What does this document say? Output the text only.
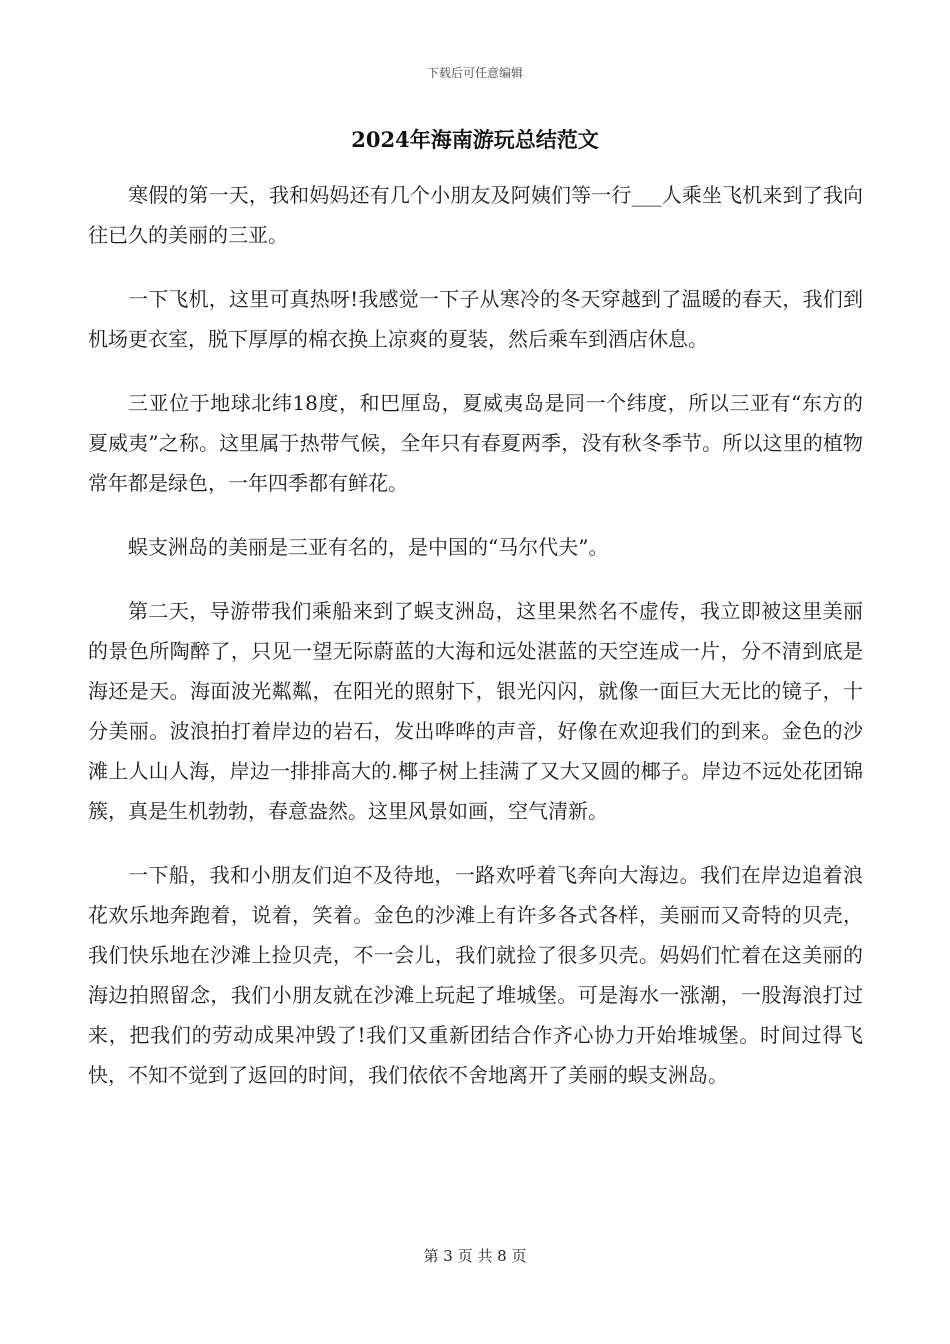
下载后可任意编辑
2024年海南游玩总结范文

寒假的第一天，我和妈妈还有几个小朋友及阿姨们等一行___人乘坐飞机来到了我向往已久的美丽的三亚。

一下飞机，这里可真热呀!我感觉一下子从寒冷的冬天穿越到了温暖的春天，我们到机场更衣室，脱下厚厚的棉衣换上凉爽的夏装，然后乘车到酒店休息。

三亚位于地球北纬18度，和巴厘岛，夏威夷岛是同一个纬度，所以三亚有“东方的夏威夷”之称。这里属于热带气候，全年只有春夏两季，没有秋冬季节。所以这里的植物常年都是绿色，一年四季都有鲜花。

蜈支洲岛的美丽是三亚有名的，是中国的“马尔代夫”。

第二天，导游带我们乘船来到了蜈支洲岛，这里果然名不虚传，我立即被这里美丽的景色所陶醉了，只见一望无际蔚蓝的大海和远处湛蓝的天空连成一片，分不清到底是海还是天。海面波光粼粼，在阳光的照射下，银光闪闪，就像一面巨大无比的镜子，十分美丽。波浪拍打着岸边的岩石，发出哗哗的声音，好像在欢迎我们的到来。金色的沙滩上人山人海，岸边一排排高大的.椰子树上挂满了又大又圆的椰子。岸边不远处花团锦簇，真是生机勃勃，春意盎然。这里风景如画，空气清新。

一下船，我和小朋友们迫不及待地，一路欢呼着飞奔向大海边。我们在岸边追着浪花欢乐地奔跑着，说着，笑着。金色的沙滩上有许多各式各样，美丽而又奇特的贝壳，我们快乐地在沙滩上捡贝壳，不一会儿，我们就捡了很多贝壳。妈妈们忙着在这美丽的海边拍照留念，我们小朋友就在沙滩上玩起了堆城堡。可是海水一涨潮，一股海浪打过来，把我们的劳动成果冲毁了!我们又重新团结合作齐心协力开始堆城堡。时间过得飞快，不知不觉到了返回的时间，我们依依不舍地离开了美丽的蜈支洲岛。

第 3 页 共 8 页
